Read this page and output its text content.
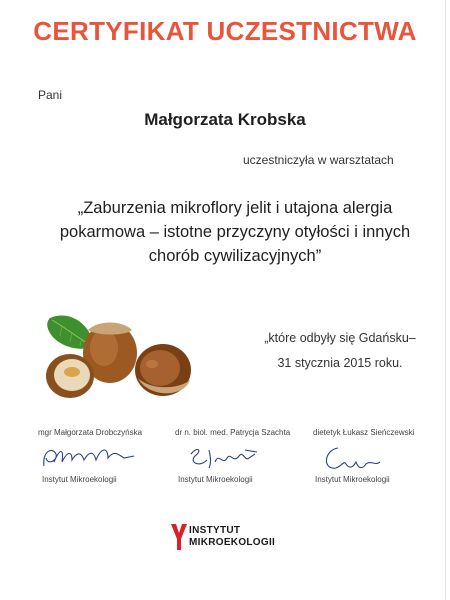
CERTYFIKAT UCZESTNICTWA
Pani
Małgorzata Krobska
uczestniczyła w warsztatach
„Zaburzenia mikroflory jelit i utajona alergia
pokarmowa – istotne przyczyny otyłości i innych
chorób cywilizacyjnych”
„które odbyły się Gdańsku–
31 stycznia 2015 roku.
mgr Małgorzata Drobczyńska
Instytut Mikroekologii
dr n. biol. med. Patrycja Szachta
Instytut Mikroekologii
dietetyk Łukasz Sieńczewski
Instytut Mikroekologii
INSTYTUT
MIKROEKOLOGII
